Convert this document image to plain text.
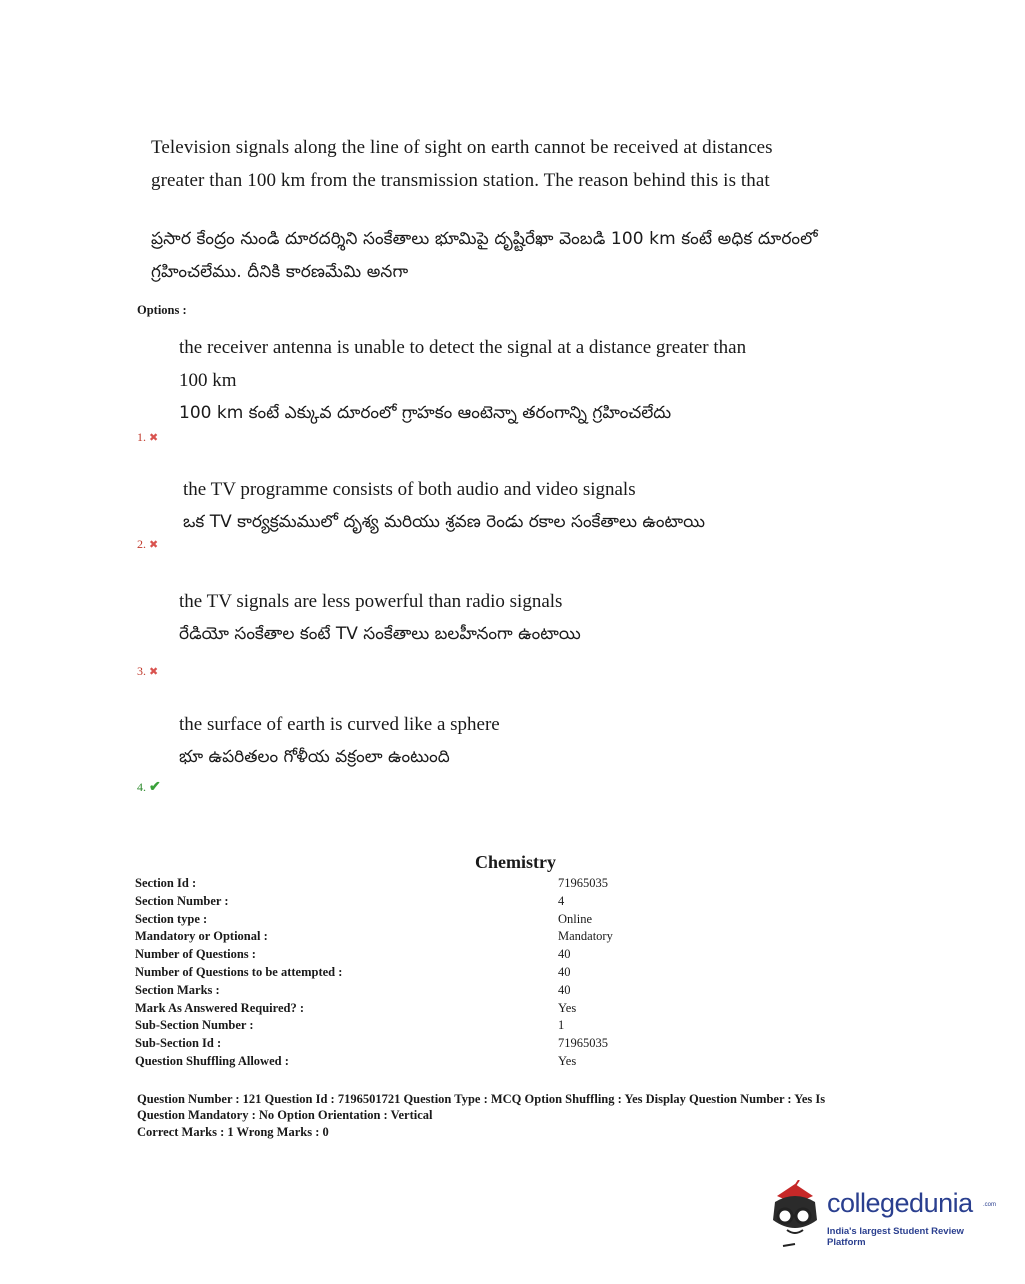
Television signals along the line of sight on earth cannot be received at distances
greater than 100 km from the transmission station. The reason behind this is that
ప్రసార కేంద్రం నుండి దూరదర్శిని సంకేతాలు భూమిపై దృష్టిరేఖా వెంబడి 100 km కంటే అధిక దూరంలో
గ్రహించలేము. దీనికి కారణమేమి అనగా
Options :
the receiver antenna is unable to detect the signal at a distance greater than
100 km
100 km కంటే ఎక్కువ దూరంలో గ్రాహకం ఆంటెన్నా తరంగాన్ని గ్రహించలేదు
1. ✖
the TV programme consists of both audio and video signals
ఒక TV కార్యక్రమములో దృశ్య మరియు శ్రవణ రెండు రకాల సంకేతాలు ఉంటాయి
2. ✖
the TV signals are less powerful than radio signals
రేడియో సంకేతాల కంటే TV సంకేతాలు బలహీనంగా ఉంటాయి
3. ✖
the surface of earth is curved like a sphere
భూ ఉపరితలం గోళీయ వక్రంలా ఉంటుంది
4. ✔
Chemistry
Section Id :	71965035
Section Number :	4
Section type :	Online
Mandatory or Optional :	Mandatory
Number of Questions :	40
Number of Questions to be attempted :	40
Section Marks :	40
Mark As Answered Required? :	Yes
Sub-Section Number :	1
Sub-Section Id :	71965035
Question Shuffling Allowed :	Yes
Question Number : 121 Question Id : 7196501721 Question Type : MCQ Option Shuffling : Yes Display Question Number : Yes Is
Question Mandatory : No Option Orientation : Vertical
Correct Marks : 1 Wrong Marks : 0
collegedunia .com
India's largest Student Review Platform
